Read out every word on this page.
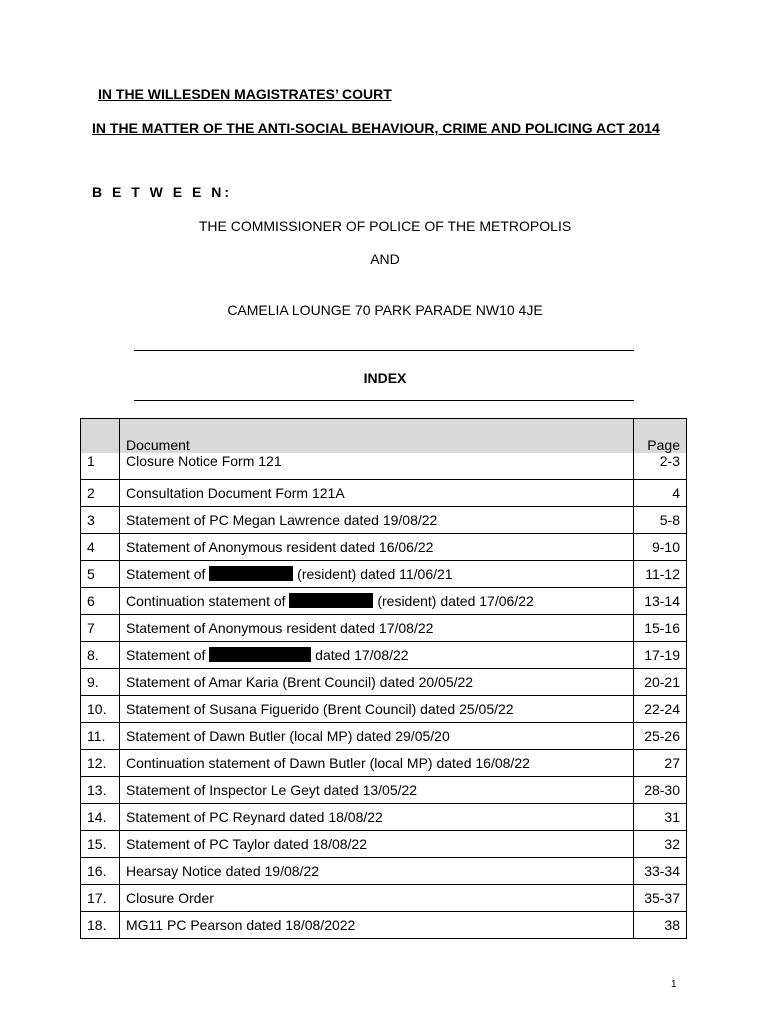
IN THE WILLESDEN MAGISTRATES’ COURT
IN THE MATTER OF THE ANTI-SOCIAL BEHAVIOUR, CRIME AND POLICING ACT 2014
B E T W E E N:
THE COMMISSIONER OF POLICE OF THE METROPOLIS
AND
CAMELIA LOUNGE 70 PARK PARADE NW10 4JE
INDEX
	Document	Page
1	Closure Notice Form 121	2-3
2	Consultation Document Form 121A	4
3	Statement of PC Megan Lawrence dated 19/08/22	5-8
4	Statement of Anonymous resident dated 16/06/22	9-10
5	Statement of (resident) dated 11/06/21	11-12
6	Continuation statement of (resident) dated 17/06/22	13-14
7	Statement of Anonymous resident dated 17/08/22	15-16
8.	Statement of dated 17/08/22	17-19
9.	Statement of Amar Karia (Brent Council) dated 20/05/22	20-21
10.	Statement of Susana Figuerido (Brent Council) dated 25/05/22	22-24
11.	Statement of Dawn Butler (local MP) dated 29/05/20	25-26
12.	Continuation statement of Dawn Butler (local MP) dated 16/08/22	27
13.	Statement of Inspector Le Geyt dated 13/05/22	28-30
14.	Statement of PC Reynard dated 18/08/22	31
15.	Statement of PC Taylor dated 18/08/22	32
16.	Hearsay Notice dated 19/08/22	33-34
17.	Closure Order	35-37
18.	MG11 PC Pearson dated 18/08/2022	38
1
